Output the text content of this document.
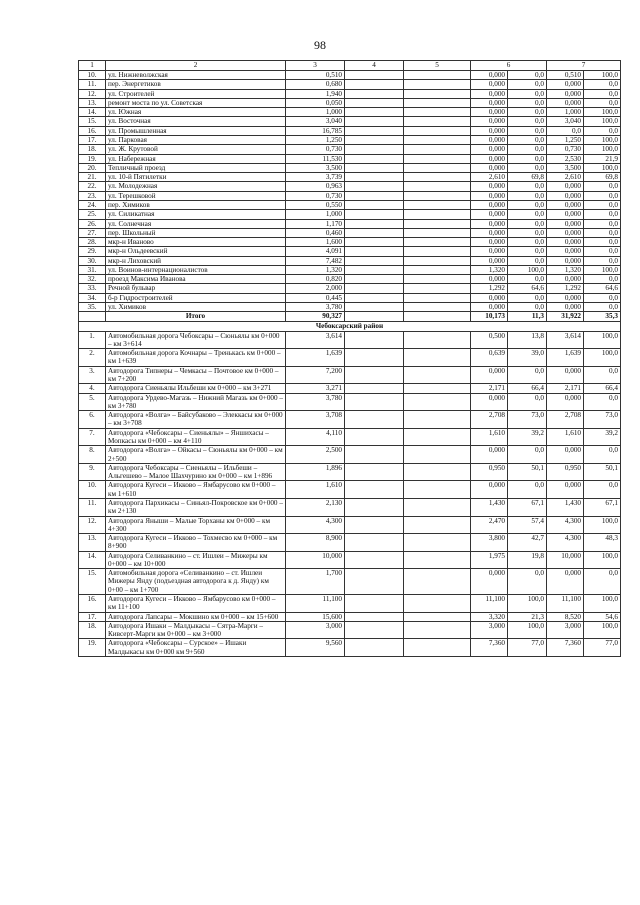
98
1	2	3	4	5	6		7	
10.	ул. Нижневолжская	0,510			0,000	0,0	0,510	100,0
11.	пер. Энергетиков	0,680			0,000	0,0	0,000	0,0
12.	ул. Строителей	1,940			0,000	0,0	0,000	0,0
13.	ремонт моста по ул. Советская	0,050			0,000	0,0	0,000	0,0
14.	ул. Южная	1,000			0,000	0,0	1,000	100,0
15.	ул. Восточная	3,040			0,000	0,0	3,040	100,0
16.	ул. Промышленная	16,785			0,000	0,0	0,0	0,0
17.	ул. Парковая	1,250			0,000	0,0	1,250	100,0
18.	ул. Ж. Крутовой	0,730			0,000	0,0	0,730	100,0
19.	ул. Набережная	11,530			0,000	0,0	2,530	21,9
20.	Тепличный проезд	3,500			0,000	0,0	3,500	100,0
21.	ул. 10-й Пятилетки	3,739			2,610	69,8	2,610	69,8
22.	ул. Молодежная	0,963			0,000	0,0	0,000	0,0
23.	ул. Терешковой	0,730			0,000	0,0	0,000	0,0
24.	пер. Химиков	0,550			0,000	0,0	0,000	0,0
25.	ул. Силикатная	1,000			0,000	0,0	0,000	0,0
26.	ул. Солнечная	1,170			0,000	0,0	0,000	0,0
27.	пер. Школьный	0,460			0,000	0,0	0,000	0,0
28.	мкр-н Иваново	1,600			0,000	0,0	0,000	0,0
29.	мкр-н Ольдеевский	4,091			0,000	0,0	0,000	0,0
30.	мкр-н Лиховский	7,482			0,000	0,0	0,000	0,0
31.	ул. Воинов-интернационалистов	1,320			1,320	100,0	1,320	100,0
32.	проезд Максима Иванова	0,820			0,000	0,0	0,000	0,0
33.	Речной бульвар	2,000			1,292	64,6	1,292	64,6
34.	б-р Гидростроителей	0,445			0,000	0,0	0,000	0,0
35.	ул. Химиков	3,780			0,000	0,0	0,000	0,0
	Итого	90,327			10,173	11,3	31,922	35,3
Чебоксарский район								
1.	Автомобильная дорога Чебоксары – Сюньялы км 0+000 – км 3+614	3,614			0,500	13,8	3,614	100,0
2.	Автомобильная дорога Кочнары – Тренькась км 0+000 – км 1+639	1,639			0,639	39,0	1,639	100,0
3.	Автодорога Типнеры – Чемкасы – Почтовое км 0+000 – км 7+200	7,200			0,000	0,0	0,000	0,0
4.	Автодорога Сиеньялы Ильбеши км 0+000 – км 3+271	3,271			2,171	66,4	2,171	66,4
5.	Автодорога Урдево-Магазь – Нижний Магазь км 0+000 – км 3+780	3,780			0,000	0,0	0,000	0,0
6.	Автодорога «Волга» – Байсубаково – Элеккасы км 0+000 – км 3+708	3,708			2,708	73,0	2,708	73,0
7.	Автодорога «Чебоксары – Сиеньялы» – Яншихасы – Мопкасы км 0+000 – км 4+110	4,110			1,610	39,2	1,610	39,2
8.	Автодорога «Волга» – Ойкасы – Сюньялы км 0+000 – км 2+500	2,500			0,000	0,0	0,000	0,0
9.	Автодорога Чебоксары – Сиеньялы – Ильбеши – Альгешево – Малое Шахчурино км 0+000 – км 1+896	1,896			0,950	50,1	0,950	50,1
10.	Автодорога Кугеси – Икково – Ямбарусово км 0+000 – км 1+610	1,610			0,000	0,0	0,000	0,0
11.	Автодорога Пархикасы – Синьял-Покровское км 0+000 – км 2+130	2,130			1,430	67,1	1,430	67,1
12.	Автодорога Яныши – Малые Торханы км 0+000 – км 4+300	4,300			2,470	57,4	4,300	100,0
13.	Автодорога Кугеси – Икково – Тохмесво км 0+000 – км 8+900	8,900			3,800	42,7	4,300	48,3
14.	Автодорога Селиванкино – ст. Ишлеи – Мижеры км 0+000 – км 10+000	10,000			1,975	19,8	10,000	100,0
15.	Автомобильная дорога «Селиванкино – ст. Ишлеи Мижеры Янду (подъездная автодорога к д. Янду) км 0+00 – км 1+700	1,700			0,000	0,0	0,000	0,0
16.	Автодорога Кугеси – Икково – Ямбарусово км 0+000 – км 11+100	11,100			11,100	100,0	11,100	100,0
17.	Автодорога Лапсары – Мокшино км 0+000 – км 15+600	15,600			3,320	21,3	8,520	54,6
18.	Автодорога Ишаки – Малдыкасы – Сятра-Марги – Кивсерт-Марги км 0+000 – км 3+000	3,000			3,000	100,0	3,000	100,0
19.	Автодорога «Чебоксары – Сурское» – Ишаки Малдыкасы км 0+000 км 9+560	9,560			7,360	77,0	7,360	77,0
